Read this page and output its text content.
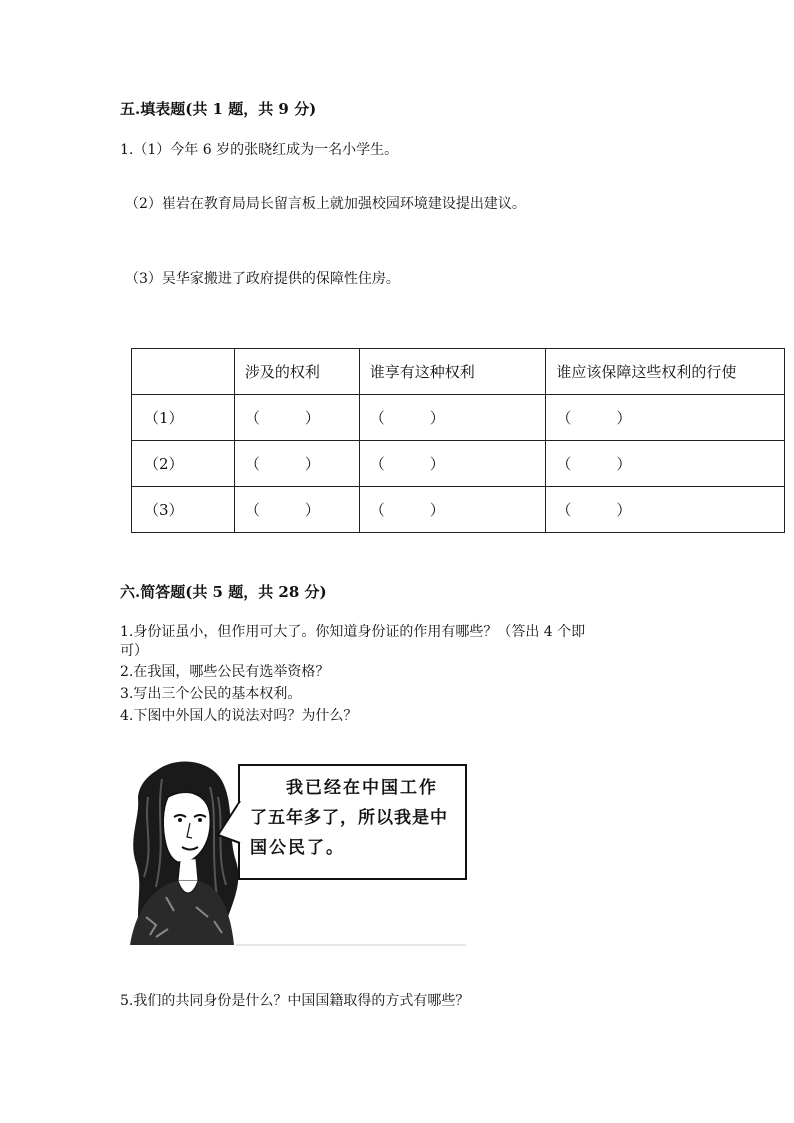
五.填表题(共 1 题，共 9 分)
1.（1）今年 6 岁的张晓红成为一名小学生。
（2）崔岩在教育局局长留言板上就加强校园环境建设提出建议。
（3）吴华家搬进了政府提供的保障性住房。
	涉及的权利	谁享有这种权利	谁应该保障这些权利的行使
（1）	（　　　）	（　　　）	（　　　）
（2）	（　　　）	（　　　）	（　　　）
（3）	（　　　）	（　　　）	（　　　）
六.简答题(共 5 题，共 28 分)
1.身份证虽小，但作用可大了。你知道身份证的作用有哪些？（答出 4 个即
可）
2.在我国，哪些公民有选举资格？
3.写出三个公民的基本权利。
4.下图中外国人的说法对吗？为什么？
我已经在中国工作
了五年多了，所以我是中
国公民了。
5.我们的共同身份是什么？中国国籍取得的方式有哪些？
